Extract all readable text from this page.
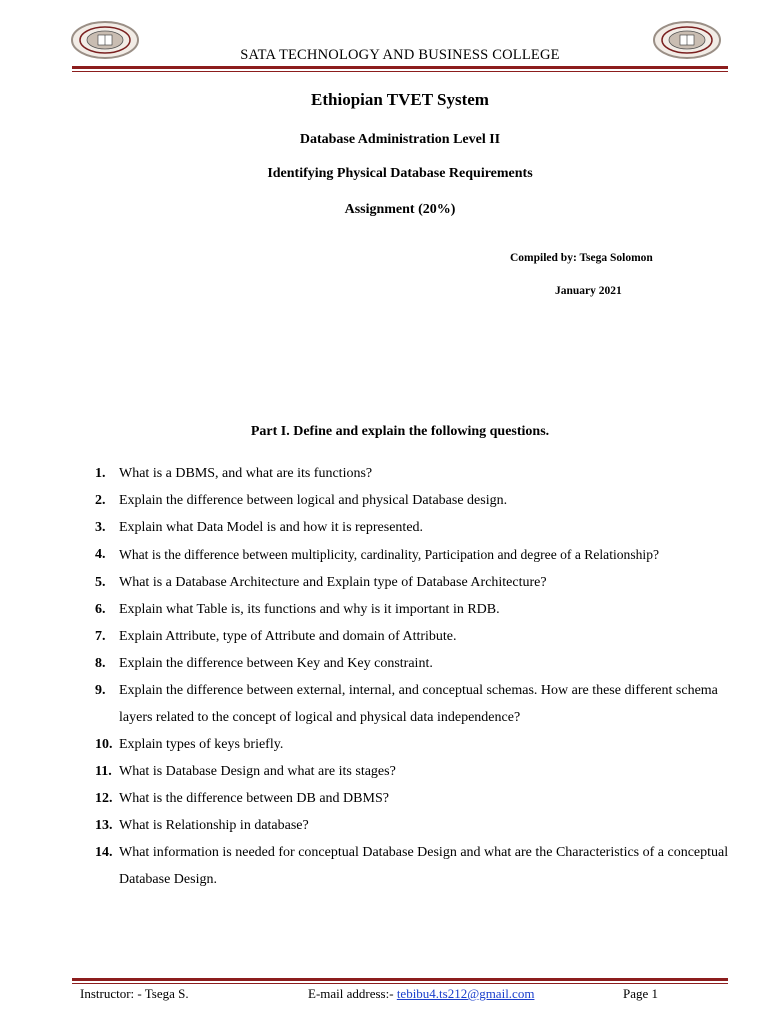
SATA TECHNOLOGY AND BUSINESS COLLEGE
Ethiopian TVET System
Database Administration Level II
Identifying Physical Database Requirements
Assignment (20%)
Compiled by: Tsega Solomon
January 2021
Part I. Define and explain the following questions.
1. What is a DBMS, and what are its functions?
2. Explain the difference between logical and physical Database design.
3. Explain what Data Model is and how it is represented.
4. What is the difference between multiplicity, cardinality, Participation and degree of a Relationship?
5. What is a Database Architecture and Explain type of Database Architecture?
6. Explain what Table is, its functions and why is it important in RDB.
7. Explain Attribute, type of Attribute and domain of Attribute.
8. Explain the difference between Key and Key constraint.
9. Explain the difference between external, internal, and conceptual schemas. How are these different schema layers related to the concept of logical and physical data independence?
10. Explain types of keys briefly.
11. What is Database Design and what are its stages?
12. What is the difference between DB and DBMS?
13. What is Relationship in database?
14. What information is needed for conceptual Database Design and what are the Characteristics of a conceptual Database Design.
Instructor: - Tsega S.	E-mail address:- tebibu4.ts212@gmail.com	Page 1
